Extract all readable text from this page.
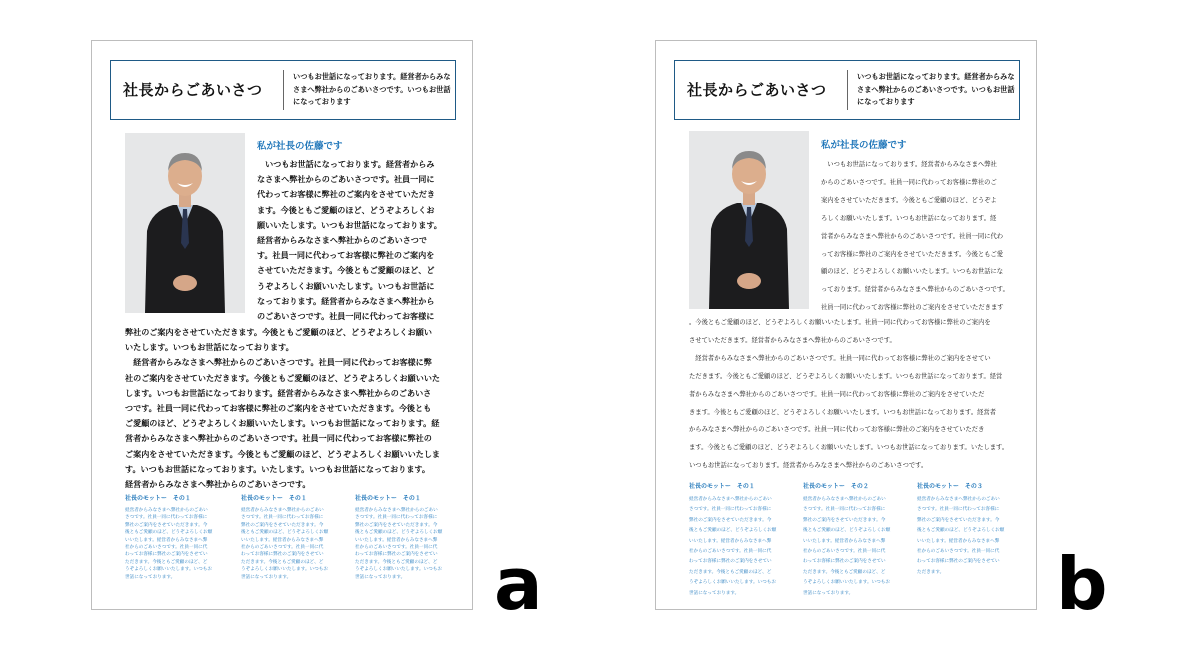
社長からごあいさつ
いつもお世話になっております。経営者からみな
さまへ弊社からのごあいさつです。いつもお世話
になっております
私が社長の佐藤です
　いつもお世話になっております。経営者からみ
なさまへ弊社からのごあいさつです。社員一同に
代わってお客様に弊社のご案内をさせていただき
ます。今後ともご愛顧のほど、どうぞよろしくお
願いいたします。いつもお世話になっております。
経営者からみなさまへ弊社からのごあいさつで
す。社員一同に代わってお客様に弊社のご案内を
させていただきます。今後ともご愛顧のほど、ど
うぞよろしくお願いいたします。いつもお世話に
なっております。経営者からみなさまへ弊社から
のごあいさつです。社員一同に代わってお客様に
弊社のご案内をさせていただきます。今後ともご愛顧のほど、どうぞよろしくお願い
いたします。いつもお世話になっております。
　経営者からみなさまへ弊社からのごあいさつです。社員一同に代わってお客様に弊
社のご案内をさせていただきます。今後ともご愛顧のほど、どうぞよろしくお願いいた
します。いつもお世話になっております。経営者からみなさまへ弊社からのごあいさ
つです。社員一同に代わってお客様に弊社のご案内をさせていただきます。今後とも
ご愛顧のほど、どうぞよろしくお願いいたします。いつもお世話になっております。経
営者からみなさまへ弊社からのごあいさつです。社員一同に代わってお客様に弊社の
ご案内をさせていただきます。今後ともご愛顧のほど、どうぞよろしくお願いいたしま
す。いつもお世話になっております。いたします。いつもお世話になっております。
経営者からみなさまへ弊社からのごあいさつです。
社長のモットー　その１
経営者からみなさまへ弊社からのごあい
さつです。社員一同に代わってお客様に
弊社のご案内をさせていただきます。今
後ともご愛顧のほど、どうぞよろしくお願
いいたします。経営者からみなさまへ弊
社からのごあいさつです。社員一同に代
わってお客様に弊社のご案内をさせてい
ただきます。今後ともご愛顧のほど、ど
うぞよろしくお願いいたします。いつもお
世話になっております。
社長のモットー　その１
経営者からみなさまへ弊社からのごあい
さつです。社員一同に代わってお客様に
弊社のご案内をさせていただきます。今
後ともご愛顧のほど、どうぞよろしくお願
いいたします。経営者からみなさまへ弊
社からのごあいさつです。社員一同に代
わってお客様に弊社のご案内をさせてい
ただきます。今後ともご愛顧のほど、ど
うぞよろしくお願いいたします。いつもお
世話になっております。
社長のモットー　その１
経営者からみなさまへ弊社からのごあい
さつです。社員一同に代わってお客様に
弊社のご案内をさせていただきます。今
後ともご愛顧のほど、どうぞよろしくお願
いいたします。経営者からみなさまへ弊
社からのごあいさつです。社員一同に代
わってお客様に弊社のご案内をさせてい
ただきます。今後ともご愛顧のほど、ど
うぞよろしくお願いいたします。いつもお
世話になっております。	a
社長からごあいさつ
いつもお世話になっております。経営者からみな
さまへ弊社からのごあいさつです。いつもお世話
になっております
私が社長の佐藤です
　いつもお世話になっております。経営者からみなさまへ弊社
からのごあいさつです。社員一同に代わってお客様に弊社のご
案内をさせていただきます。今後ともご愛顧のほど、どうぞよ
ろしくお願いいたします。いつもお世話になっております。経
営者からみなさまへ弊社からのごあいさつです。社員一同に代わ
ってお客様に弊社のご案内をさせていただきます。今後ともご愛
顧のほど、どうぞよろしくお願いいたします。いつもお世話にな
っております。経営者からみなさまへ弊社からのごあいさつです。
社員一同に代わってお客様に弊社のご案内をさせていただきます
。今後ともご愛顧のほど、どうぞよろしくお願いいたします。社員一同に代わってお客様に弊社のご案内を
させていただきます。経営者からみなさまへ弊社からのごあいさつです。
　経営者からみなさまへ弊社からのごあいさつです。社員一同に代わってお客様に弊社のご案内をさせてい
ただきます。今後ともご愛顧のほど、どうぞよろしくお願いいたします。いつもお世話になっております。経営
者からみなさまへ弊社からのごあいさつです。社員一同に代わってお客様に弊社のご案内をさせていただ
きます。今後ともご愛顧のほど、どうぞよろしくお願いいたします。いつもお世話になっております。経営者
からみなさまへ弊社からのごあいさつです。社員一同に代わってお客様に弊社のご案内をさせていただき
ます。今後ともご愛顧のほど、どうぞよろしくお願いいたします。いつもお世話になっております。いたします。
いつもお世話になっております。経営者からみなさまへ弊社からのごあいさつです。
社長のモットー　その１
経営者からみなさまへ弊社からのごあい
さつです。社員一同に代わってお客様に
弊社のご案内をさせていただきます。今
後ともご愛顧のほど、どうぞよろしくお願
いいたします。経営者からみなさまへ弊
社からのごあいさつです。社員一同に代
わってお客様に弊社のご案内をさせてい
ただきます。今後ともご愛顧のほど、ど
うぞよろしくお願いいたします。いつもお
世話になっております。
社長のモットー　その２
経営者からみなさまへ弊社からのごあい
さつです。社員一同に代わってお客様に
弊社のご案内をさせていただきます。今
後ともご愛顧のほど、どうぞよろしくお願
いいたします。経営者からみなさまへ弊
社からのごあいさつです。社員一同に代
わってお客様に弊社のご案内をさせてい
ただきます。今後ともご愛顧のほど、ど
うぞよろしくお願いいたします。いつもお
世話になっております。
社長のモットー　その３
経営者からみなさまへ弊社からのごあい
さつです。社員一同に代わってお客様に
弊社のご案内をさせていただきます。今
後ともご愛顧のほど、どうぞよろしくお願
いいたします。経営者からみなさまへ弊
社からのごあいさつです。社員一同に代
わってお客様に弊社のご案内をさせてい
ただきます。	b
